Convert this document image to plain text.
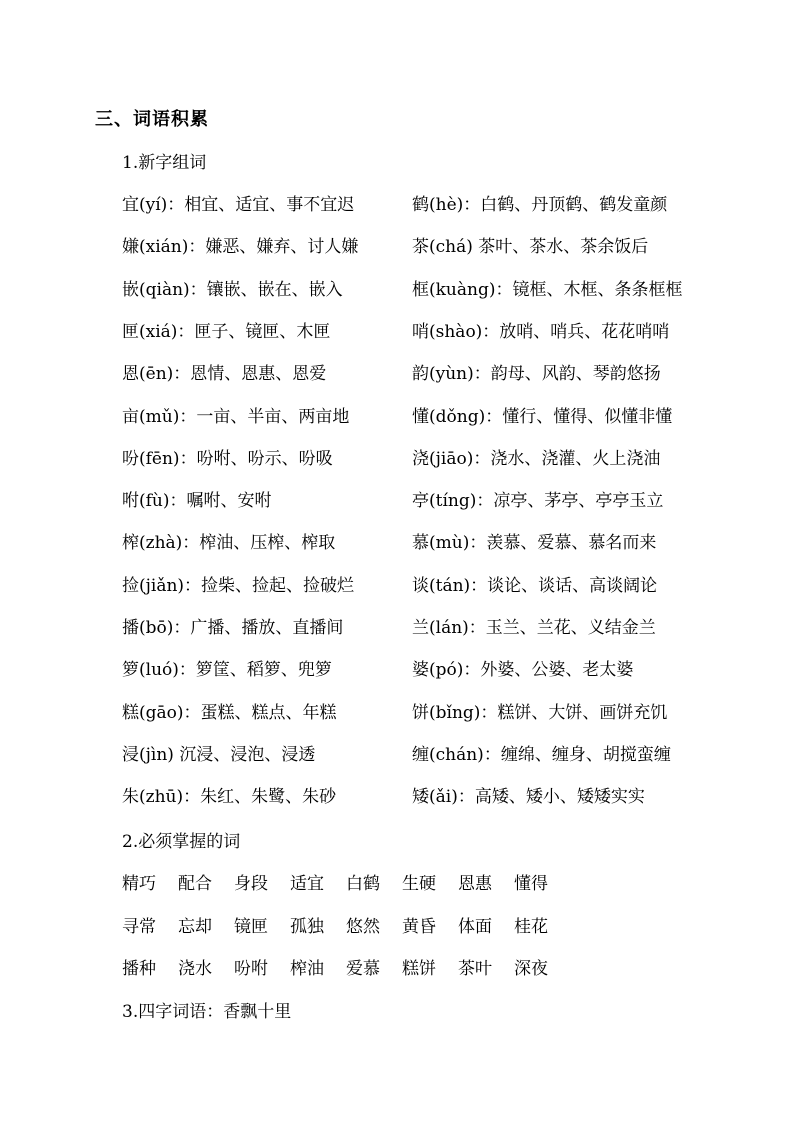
三、词语积累
1.新字组词
宜(yí)：相宜、适宜、事不宜迟	鹤(hè)：白鹤、丹顶鹤、鹤发童颜
嫌(xián)：嫌恶、嫌弃、讨人嫌	茶(chá) 茶叶、茶水、茶余饭后
嵌(qiàn)：镶嵌、嵌在、嵌入	框(kuàng)：镜框、木框、条条框框
匣(xiá)：匣子、镜匣、木匣	哨(shào)：放哨、哨兵、花花哨哨
恩(ēn)：恩情、恩惠、恩爱	韵(yùn)：韵母、风韵、琴韵悠扬
亩(mǔ)：一亩、半亩、两亩地	懂(dǒng)：懂行、懂得、似懂非懂
吩(fēn)：吩咐、吩示、吩吸	浇(jiāo)：浇水、浇灌、火上浇油
咐(fù)：嘱咐、安咐	亭(tíng)：凉亭、茅亭、亭亭玉立
榨(zhà)：榨油、压榨、榨取	慕(mù)：羡慕、爱慕、慕名而来
捡(jiǎn)：捡柴、捡起、捡破烂	谈(tán)：谈论、谈话、高谈阔论
播(bō)：广播、播放、直播间	兰(lán)：玉兰、兰花、义结金兰
箩(luó)：箩筐、稻箩、兜箩	婆(pó)：外婆、公婆、老太婆
糕(gāo)：蛋糕、糕点、年糕	饼(bǐng)：糕饼、大饼、画饼充饥
浸(jìn) 沉浸、浸泡、浸透	缠(chán)：缠绵、缠身、胡搅蛮缠
朱(zhū)：朱红、朱鹭、朱砂	矮(ǎi)：高矮、矮小、矮矮实实
2.必须掌握的词
精巧 配合 身段 适宜 白鹤 生硬 恩惠 懂得
寻常 忘却 镜匣 孤独 悠然 黄昏 体面 桂花
播种 浇水 吩咐 榨油 爱慕 糕饼 茶叶 深夜
3.四字词语：香飘十里
